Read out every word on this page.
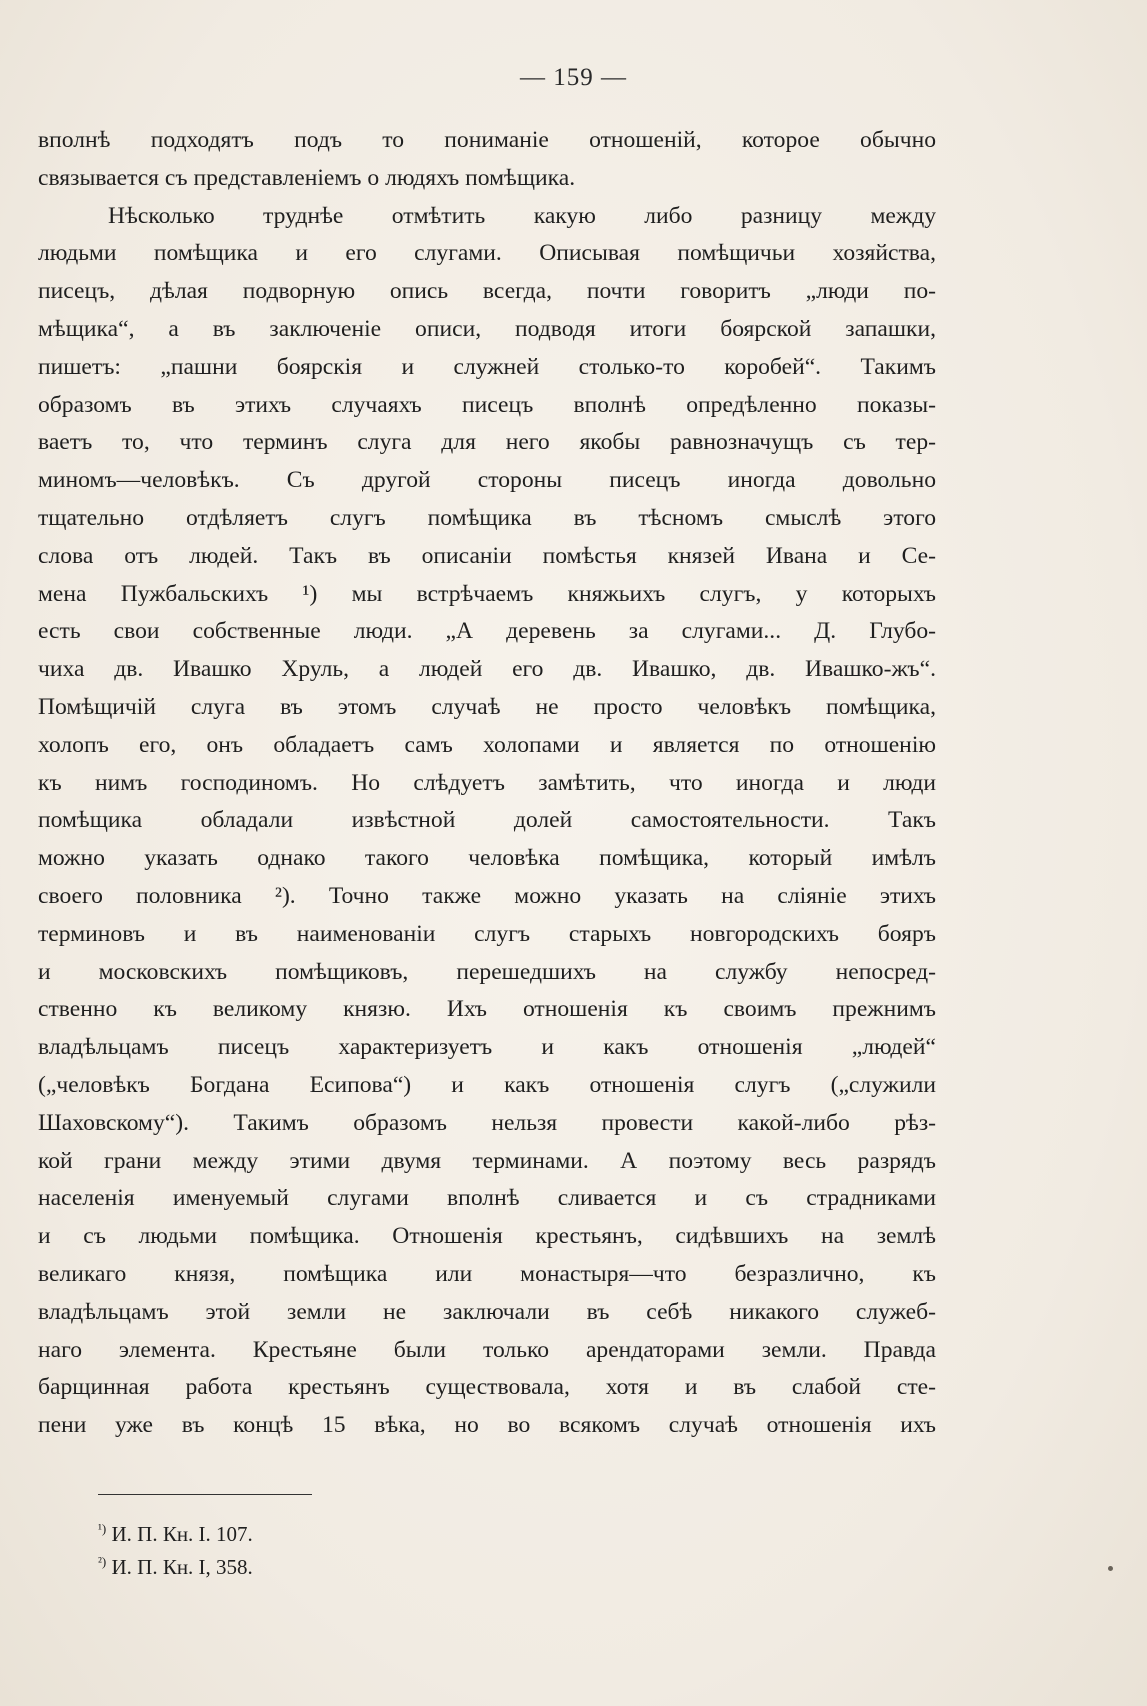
— 159 —
вполнѣ подходятъ подъ то пониманіе отношеній, которое обычно
связывается съ представленіемъ о людяхъ помѣщика.
Нѣсколько труднѣе отмѣтить какую либо разницу между
людьми помѣщика и его слугами. Описывая помѣщичьи хозяйства,
писецъ, дѣлая подворную опись всегда, почти говоритъ „люди по-
мѣщика“, а въ заключеніе описи, подводя итоги боярской запашки,
пишетъ: „пашни боярскія и служней столько-то коробей“. Такимъ
образомъ въ этихъ случаяхъ писецъ вполнѣ опредѣленно показы-
ваетъ то, что терминъ слуга для него якобы равнозначущъ съ тер-
миномъ—человѣкъ. Съ другой стороны писецъ иногда довольно
тщательно отдѣляетъ слугъ помѣщика въ тѣсномъ смыслѣ этого
слова отъ людей. Такъ въ описаніи помѣстья князей Ивана и Се-
мена Пужбальскихъ ¹) мы встрѣчаемъ княжьихъ слугъ, у которыхъ
есть свои собственные люди. „А деревень за слугами... Д. Глубо-
чиха дв. Ивашко Хруль, а людей его дв. Ивашко, дв. Ивашко-жъ“.
Помѣщичій слуга въ этомъ случаѣ не просто человѣкъ помѣщика,
холопъ его, онъ обладаетъ самъ холопами и является по отношенію
къ нимъ господиномъ. Но слѣдуетъ замѣтить, что иногда и люди
помѣщика обладали извѣстной долей самостоятельности. Такъ
можно указать однако такого человѣка помѣщика, который имѣлъ
своего половника ²). Точно также можно указать на сліяніе этихъ
терминовъ и въ наименованіи слугъ старыхъ новгородскихъ бояръ
и московскихъ помѣщиковъ, перешедшихъ на службу непосред-
ственно къ великому князю. Ихъ отношенія къ своимъ прежнимъ
владѣльцамъ писецъ характеризуетъ и какъ отношенія „людей“
(„человѣкъ Богдана Есипова“) и какъ отношенія слугъ („служили
Шаховскому“). Такимъ образомъ нельзя провести какой-либо рѣз-
кой грани между этими двумя терминами. А поэтому весь разрядъ
населенія именуемый слугами вполнѣ сливается и съ страдниками
и съ людьми помѣщика. Отношенія крестьянъ, сидѣвшихъ на землѣ
великаго князя, помѣщика или монастыря—что безразлично, къ
владѣльцамъ этой земли не заключали въ себѣ никакого служеб-
наго элемента. Крестьяне были только арендаторами земли. Правда
барщинная работа крестьянъ существовала, хотя и въ слабой сте-
пени уже въ концѣ 15 вѣка, но во всякомъ случаѣ отношенія ихъ
$^{^1)}$ И. П. Кн. I. 107.
$^{^2)}$ И. П. Кн. I, 358.
